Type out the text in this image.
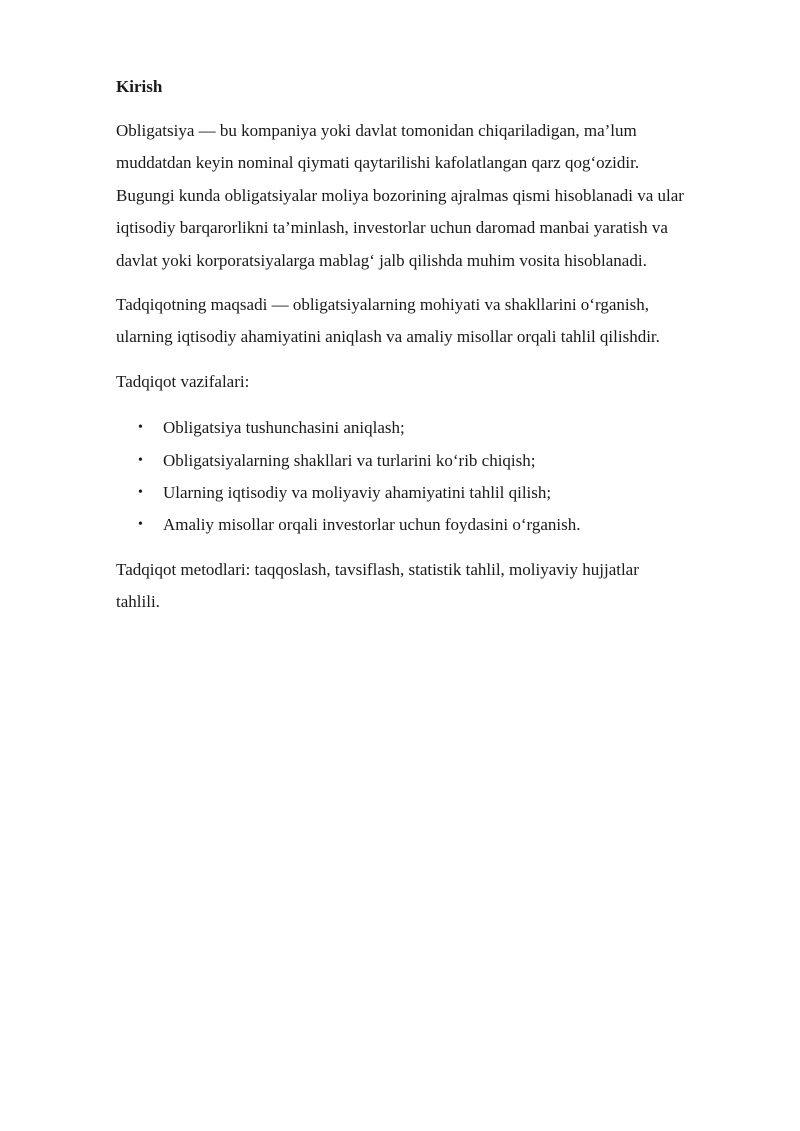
Kirish
Obligatsiya — bu kompaniya yoki davlat tomonidan chiqariladigan, ma’lum
muddatdan keyin nominal qiymati qaytarilishi kafolatlangan qarz qog‘ozidir.
Bugungi kunda obligatsiyalar moliya bozorining ajralmas qismi hisoblanadi va ular
iqtisodiy barqarorlikni ta’minlash, investorlar uchun daromad manbai yaratish va
davlat yoki korporatsiyalarga mablag‘ jalb qilishda muhim vosita hisoblanadi.
Tadqiqotning maqsadi — obligatsiyalarning mohiyati va shakllarini o‘rganish,
ularning iqtisodiy ahamiyatini aniqlash va amaliy misollar orqali tahlil qilishdir.
Tadqiqot vazifalari:
• Obligatsiya tushunchasini aniqlash;
• Obligatsiyalarning shakllari va turlarini ko‘rib chiqish;
• Ularning iqtisodiy va moliyaviy ahamiyatini tahlil qilish;
• Amaliy misollar orqali investorlar uchun foydasini o‘rganish.
Tadqiqot metodlari: taqqoslash, tavsiflash, statistik tahlil, moliyaviy hujjatlar
tahlili.
